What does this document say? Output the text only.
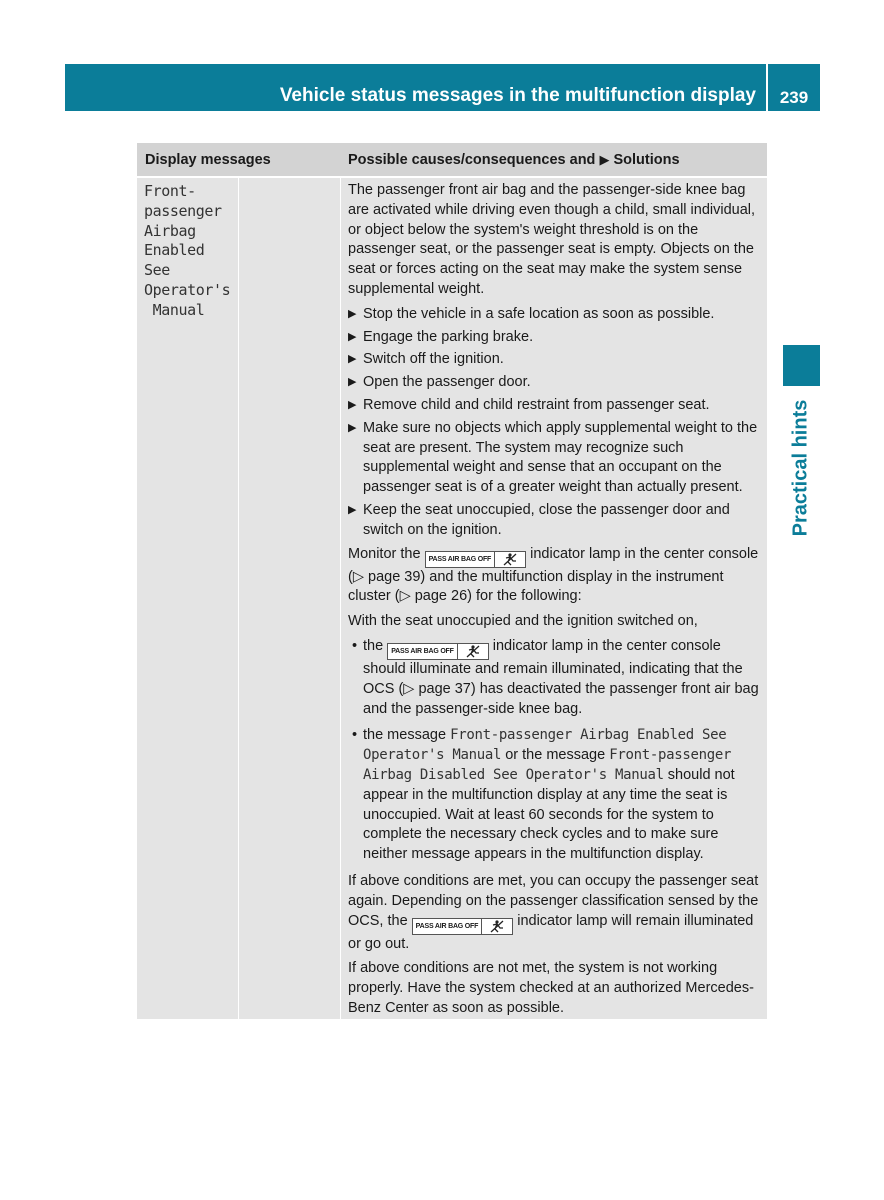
Vehicle status messages in the multifunction display	239
Practical hints
Display messages	Possible causes/consequences and ▶ Solutions
Front-
passenger
Airbag
Enabled
See
Operator's
Manual

The passenger front air bag and the passenger-side knee bag are activated while driving even though a child, small individual, or object below the system's weight threshold is on the passenger seat, or the passenger seat is empty. Objects on the seat or forces acting on the seat may make the system sense supplemental weight.

▶ Stop the vehicle in a safe location as soon as possible.
▶ Engage the parking brake.
▶ Switch off the ignition.
▶ Open the passenger door.
▶ Remove child and child restraint from passenger seat.
▶ Make sure no objects which apply supplemental weight to the seat are present. The system may recognize such supplemental weight and sense that an occupant on the passenger seat is of a greater weight than actually present.
▶ Keep the seat unoccupied, close the passenger door and switch on the ignition.

Monitor the PASS AIR BAG OFF indicator lamp in the center console (▷ page 39) and the multifunction display in the instrument cluster (▷ page 26) for the following:

With the seat unoccupied and the ignition switched on,

• the PASS AIR BAG OFF indicator lamp in the center console should illuminate and remain illuminated, indicating that the OCS (▷ page 37) has deactivated the passenger front air bag and the passenger-side knee bag.
• the message Front-passenger Airbag Enabled See Operator's Manual or the message Front-passenger Airbag Disabled See Operator's Manual should not appear in the multifunction display at any time the seat is unoccupied. Wait at least 60 seconds for the system to complete the necessary check cycles and to make sure neither message appears in the multifunction display.

If above conditions are met, you can occupy the passenger seat again. Depending on the passenger classification sensed by the OCS, the PASS AIR BAG OFF indicator lamp will remain illuminated or go out.

If above conditions are not met, the system is not working properly. Have the system checked at an authorized Mercedes-Benz Center as soon as possible.
